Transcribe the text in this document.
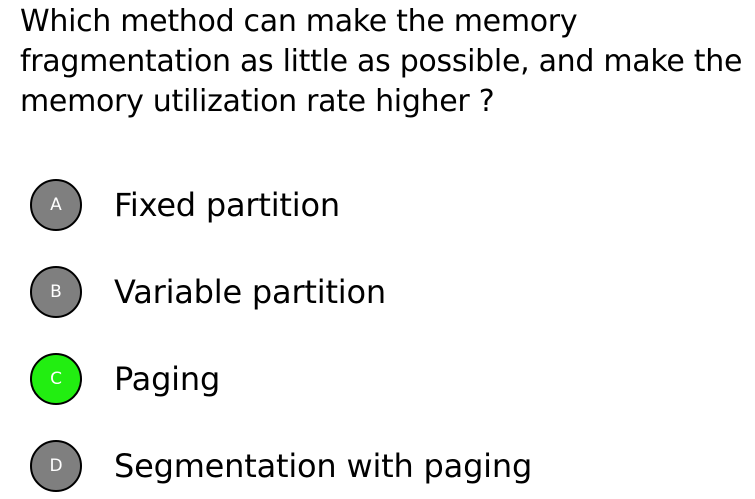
Which method can make the memory fragmentation as little as possible, and make the memory utilization rate higher ?
A	Fixed partition
B	Variable partition
C	Paging
D	Segmentation with paging
